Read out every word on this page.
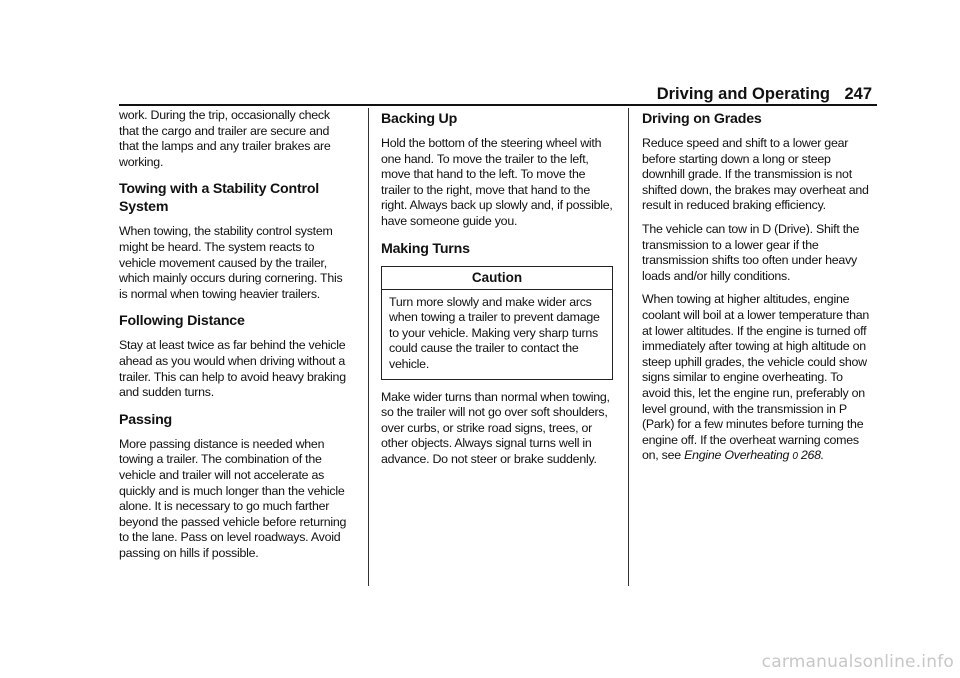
Driving and Operating 247

work. During the trip, occasionally check that the cargo and trailer are secure and that the lamps and any trailer brakes are working.

Towing with a Stability Control System

When towing, the stability control system might be heard. The system reacts to vehicle movement caused by the trailer, which mainly occurs during cornering. This is normal when towing heavier trailers.

Following Distance

Stay at least twice as far behind the vehicle ahead as you would when driving without a trailer. This can help to avoid heavy braking and sudden turns.

Passing

More passing distance is needed when towing a trailer. The combination of the vehicle and trailer will not accelerate as quickly and is much longer than the vehicle alone. It is necessary to go much farther beyond the passed vehicle before returning to the lane. Pass on level roadways. Avoid passing on hills if possible.

Backing Up

Hold the bottom of the steering wheel with one hand. To move the trailer to the left, move that hand to the left. To move the trailer to the right, move that hand to the right. Always back up slowly and, if possible, have someone guide you.

Making Turns
Caution
Turn more slowly and make wider arcs when towing a trailer to prevent damage to your vehicle. Making very sharp turns could cause the trailer to contact the vehicle.

Make wider turns than normal when towing, so the trailer will not go over soft shoulders, over curbs, or strike road signs, trees, or other objects. Always signal turns well in advance. Do not steer or brake suddenly.

Driving on Grades

Reduce speed and shift to a lower gear before starting down a long or steep downhill grade. If the transmission is not shifted down, the brakes may overheat and result in reduced braking efficiency.

The vehicle can tow in D (Drive). Shift the transmission to a lower gear if the transmission shifts too often under heavy loads and/or hilly conditions.

When towing at higher altitudes, engine coolant will boil at a lower temperature than at lower altitudes. If the engine is turned off immediately after towing at high altitude on steep uphill grades, the vehicle could show signs similar to engine overheating. To avoid this, let the engine run, preferably on level ground, with the transmission in P (Park) for a few minutes before turning the engine off. If the overheat warning comes on, see Engine Overheating 0 268.

carmanualsonline.info
